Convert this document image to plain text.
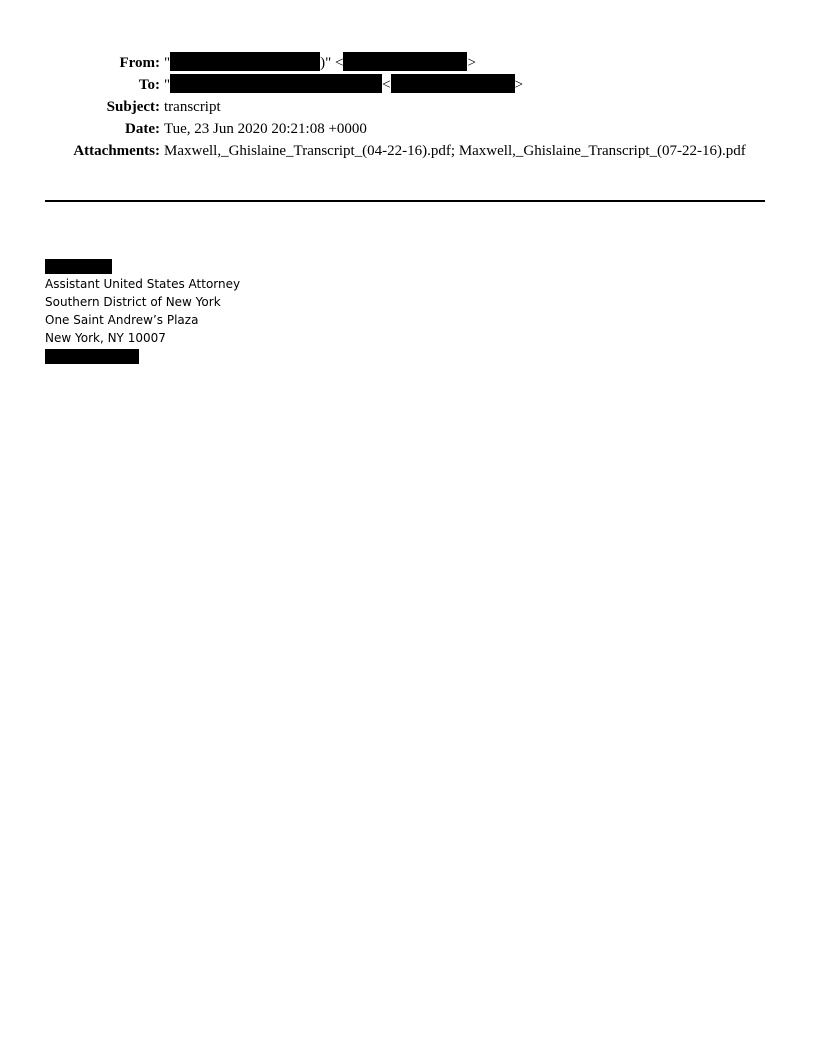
From: "	)" <	>
To: "	<	>
Subject: transcript
Date: Tue, 23 Jun 2020 20:21:08 +0000
Attachments: Maxwell,_Ghislaine_Transcript_(04-22-16).pdf; Maxwell,_Ghislaine_Transcript_(07-22-16).pdf
Assistant United States Attorney
Southern District of New York
One Saint Andrew’s Plaza
New York, NY 10007
